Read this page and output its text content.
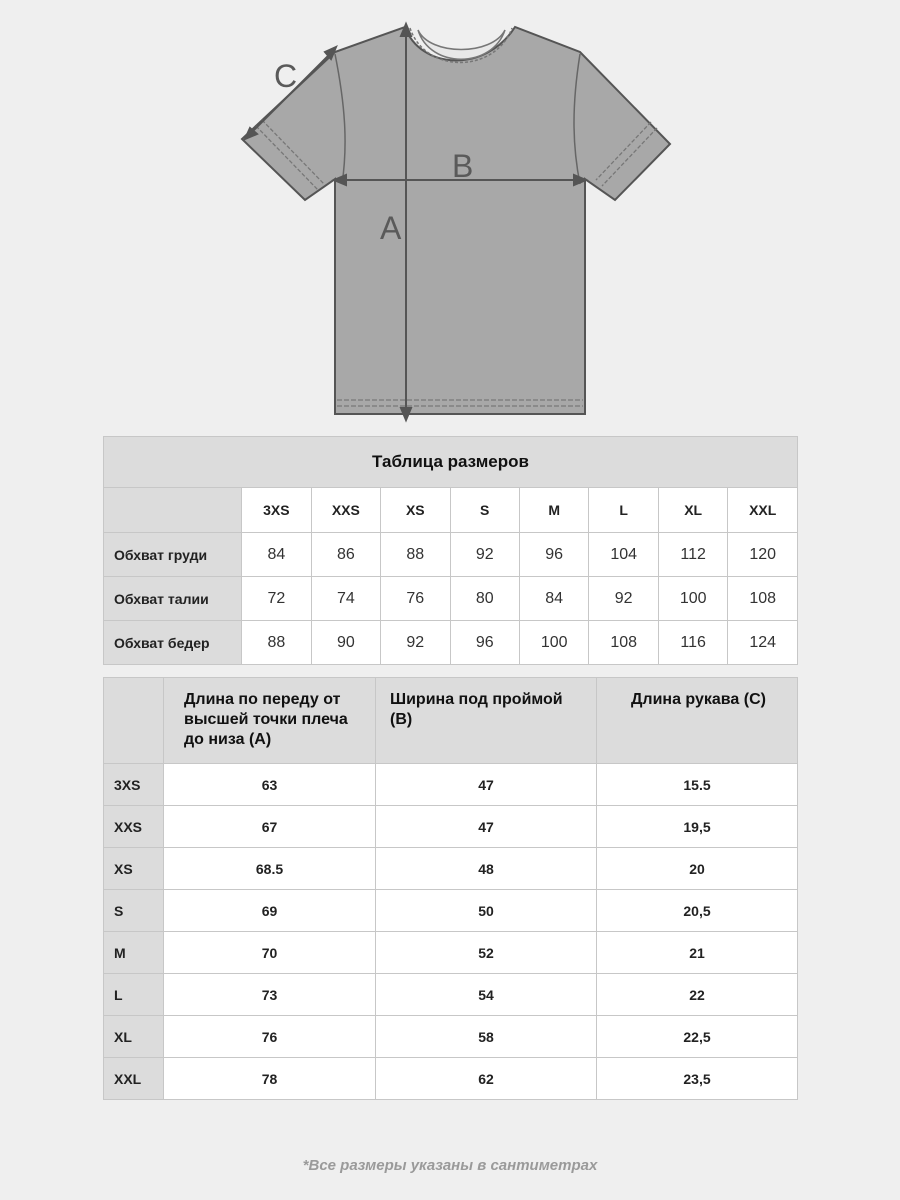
A
B
C
Таблица размеров								
	3XS	XXS	XS	S	M	L	XL	XXL
Обхват груди	84	86	88	92	96	104	112	120
Обхват талии	72	74	76	80	84	92	100	108
Обхват бедер	88	90	92	96	100	108	116	124
	Длина по переду от высшей точки плеча до низа (А)	Ширина под проймой (В)	Длина рукава (С)
3XS	63	47	15.5
XXS	67	47	19,5
XS	68.5	48	20
S	69	50	20,5
M	70	52	21
L	73	54	22
XL	76	58	22,5
XXL	78	62	23,5
*Все размеры указаны в сантиметрах
